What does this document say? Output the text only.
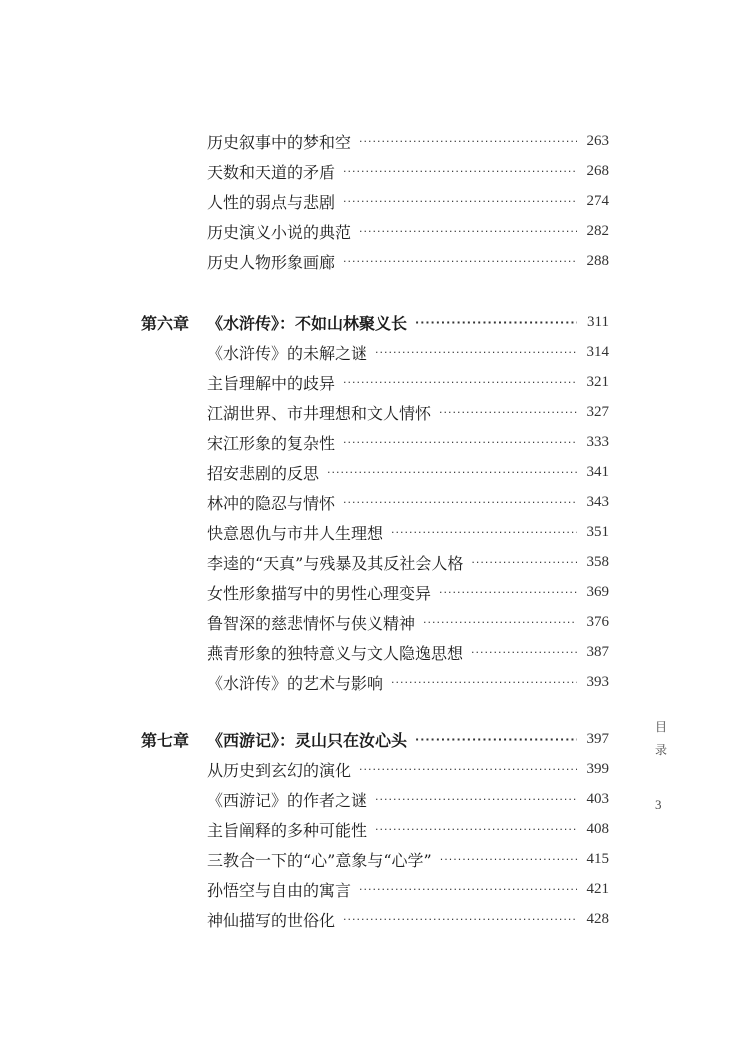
历史叙事中的梦和空 ·····	263
天数和天道的矛盾 ·····	268
人性的弱点与悲剧 ·····	274
历史演义小说的典范 ·····	282
历史人物形象画廊 ·····	288
第六章	《水浒传》：不如山林聚义长 ·····	311
《水浒传》的未解之谜 ·····	314
主旨理解中的歧异 ·····	321
江湖世界、市井理想和文人情怀 ·····	327
宋江形象的复杂性 ·····	333
招安悲剧的反思 ·····	341
林冲的隐忍与情怀 ·····	343
快意恩仇与市井人生理想 ·····	351
李逵的“天真”与残暴及其反社会人格 ·····	358
女性形象描写中的男性心理变异 ·····	369
鲁智深的慈悲情怀与侠义精神 ·····	376
燕青形象的独特意义与文人隐逸思想 ·····	387
《水浒传》的艺术与影响 ·····	393
第七章	《西游记》：灵山只在汝心头 ·····	397
从历史到玄幻的演化 ·····	399
《西游记》的作者之谜 ·····	403
主旨阐释的多种可能性 ·····	408
三教合一下的“心”意象与“心学” ·····	415
孙悟空与自由的寓言 ·····	421
神仙描写的世俗化 ·····	428
目
录
3
